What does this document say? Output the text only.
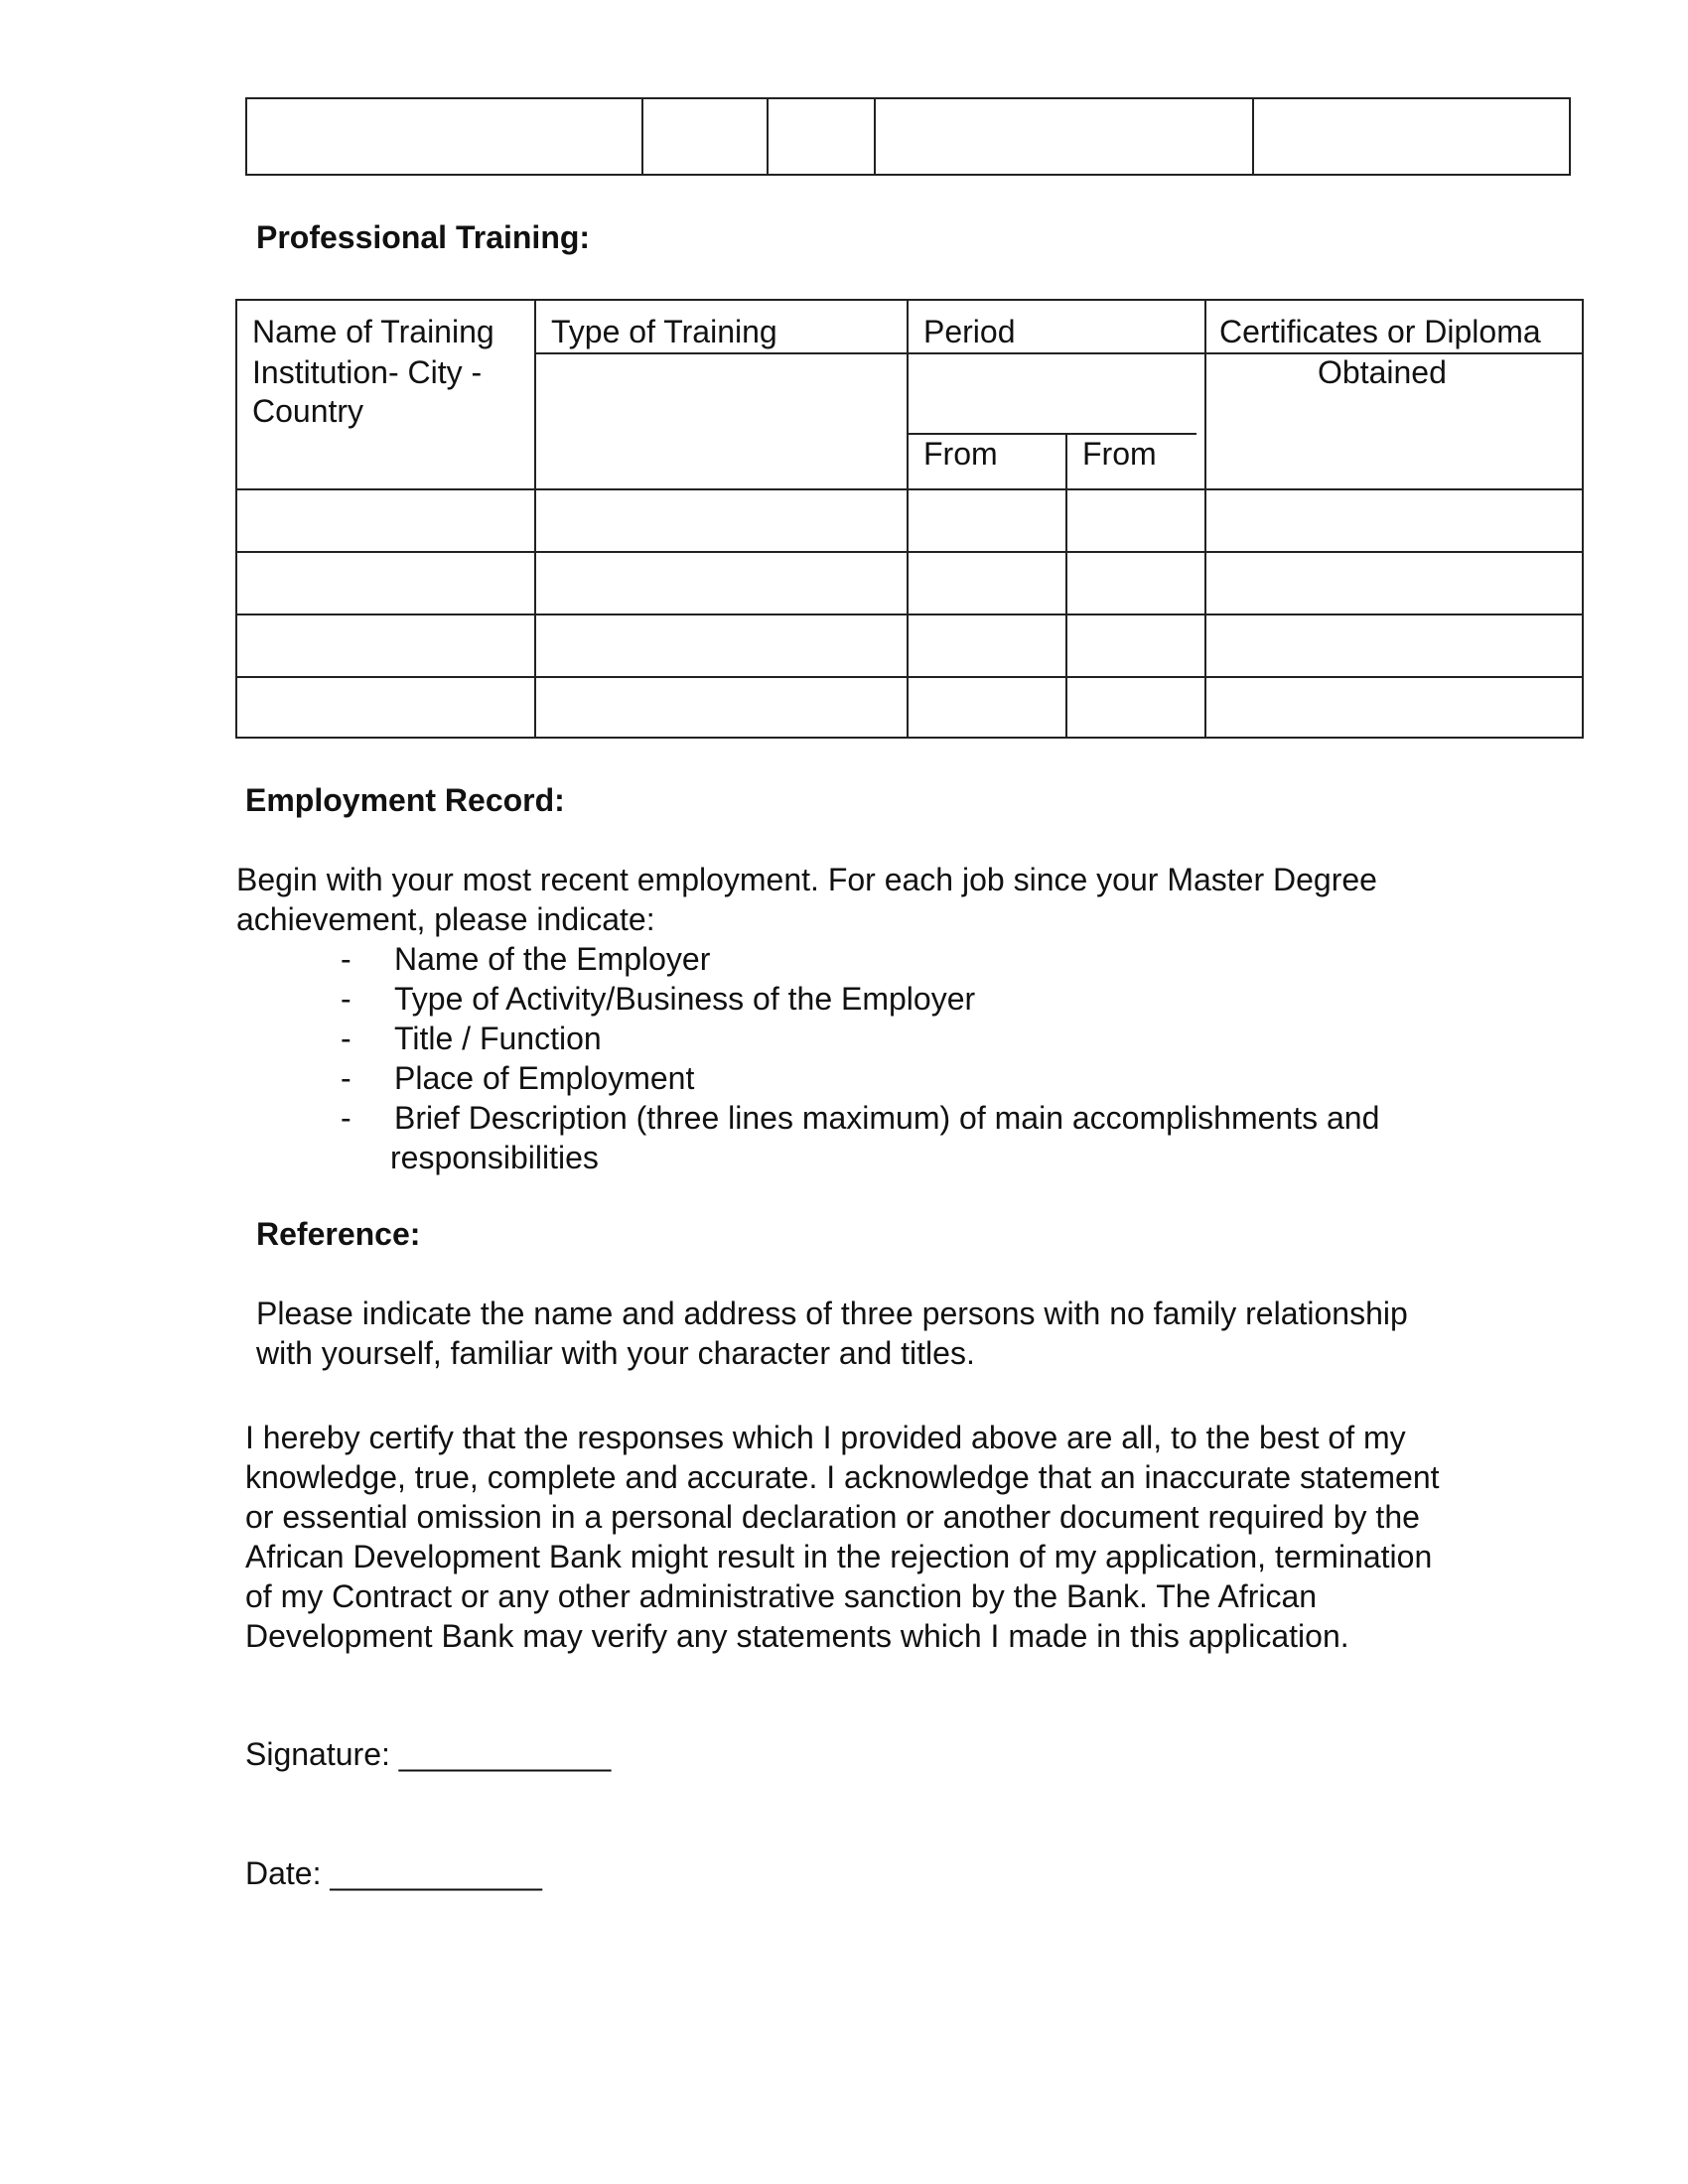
Professional Training:
Name of Training
Institution- City -
Country
Type of Training	Period
From	From
Certificates or Diploma
Obtained
Employment Record:
Begin with your most recent employment. For each job since your Master Degree
achievement, please indicate:
- Name of the Employer
- Type of Activity/Business of the Employer
- Title / Function
- Place of Employment
- Brief Description (three lines maximum) of main accomplishments and
responsibilities
Reference:
Please indicate the name and address of three persons with no family relationship
with yourself, familiar with your character and titles.
I hereby certify that the responses which I provided above are all, to the best of my
knowledge, true, complete and accurate. I acknowledge that an inaccurate statement
or essential omission in a personal declaration or another document required by the
African Development Bank might result in the rejection of my application, termination
of my Contract or any other administrative sanction by the Bank. The African
Development Bank may verify any statements which I made in this application.
Signature: ____________
Date: ____________
